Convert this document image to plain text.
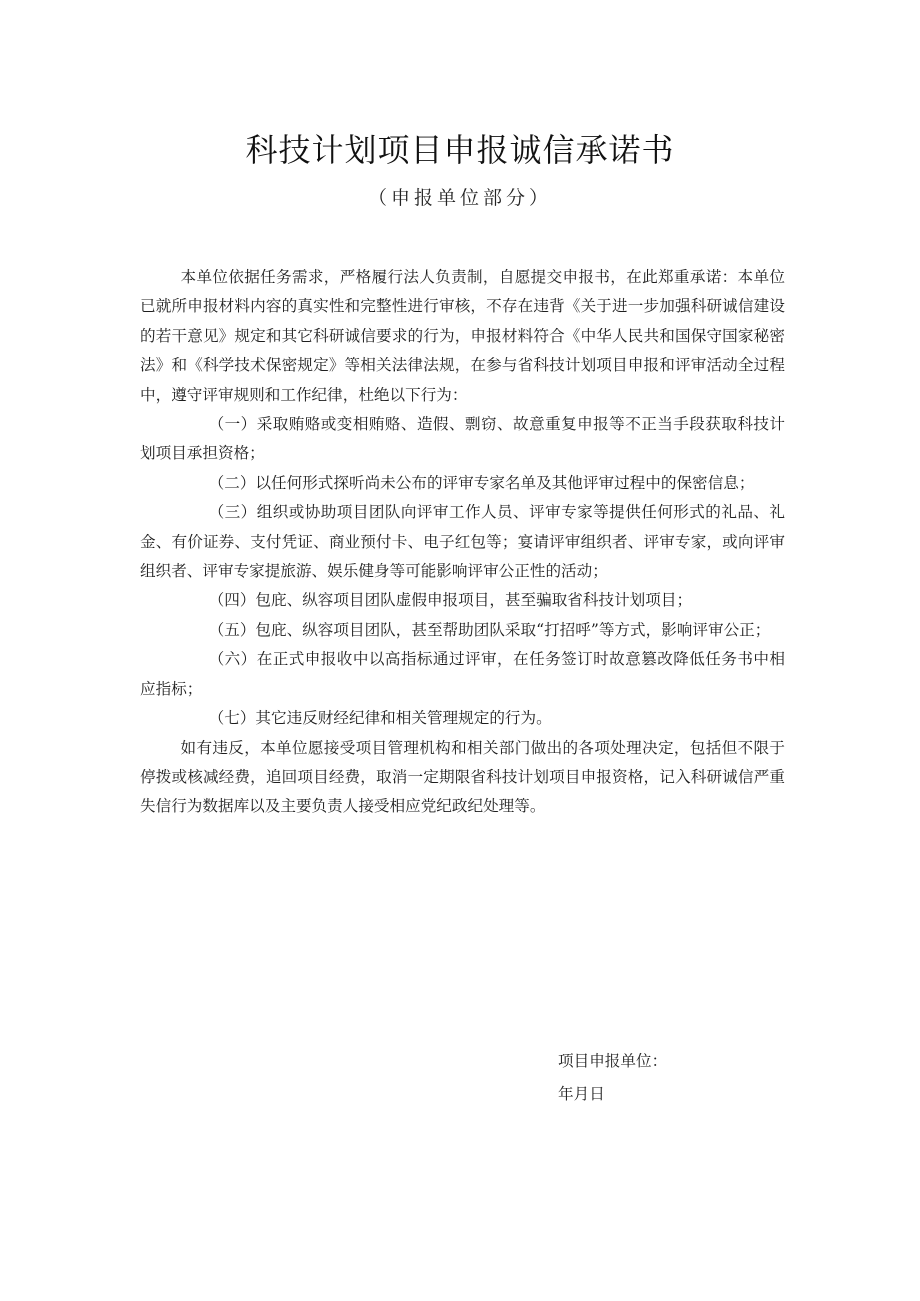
科技计划项目申报诚信承诺书
（申报单位部分）

本单位依据任务需求，严格履行法人负责制，自愿提交申报书，在此郑重承诺：本单位已就所申报材料内容的真实性和完整性进行审核，不存在违背《关于进一步加强科研诚信建设的若干意见》规定和其它科研诚信要求的行为，申报材料符合《中华人民共和国保守国家秘密法》和《科学技术保密规定》等相关法律法规，在参与省科技计划项目申报和评审活动全过程中，遵守评审规则和工作纪律，杜绝以下行为：

（一）采取贿赂或变相贿赂、造假、剽窃、故意重复申报等不正当手段获取科技计划项目承担资格；

（二）以任何形式探听尚未公布的评审专家名单及其他评审过程中的保密信息；

（三）组织或协助项目团队向评审工作人员、评审专家等提供任何形式的礼品、礼金、有价证券、支付凭证、商业预付卡、电子红包等；宴请评审组织者、评审专家，或向评审组织者、评审专家提旅游、娱乐健身等可能影响评审公正性的活动；

（四）包庇、纵容项目团队虚假申报项目，甚至骗取省科技计划项目；

（五）包庇、纵容项目团队，甚至帮助团队采取“打招呼”等方式，影响评审公正；

（六）在正式申报收中以高指标通过评审，在任务签订时故意篡改降低任务书中相应指标；

（七）其它违反财经纪律和相关管理规定的行为。

如有违反，本单位愿接受项目管理机构和相关部门做出的各项处理决定，包括但不限于停拨或核减经费，追回项目经费，取消一定期限省科技计划项目申报资格，记入科研诚信严重失信行为数据库以及主要负责人接受相应党纪政纪处理等。

项目申报单位：
年月日
